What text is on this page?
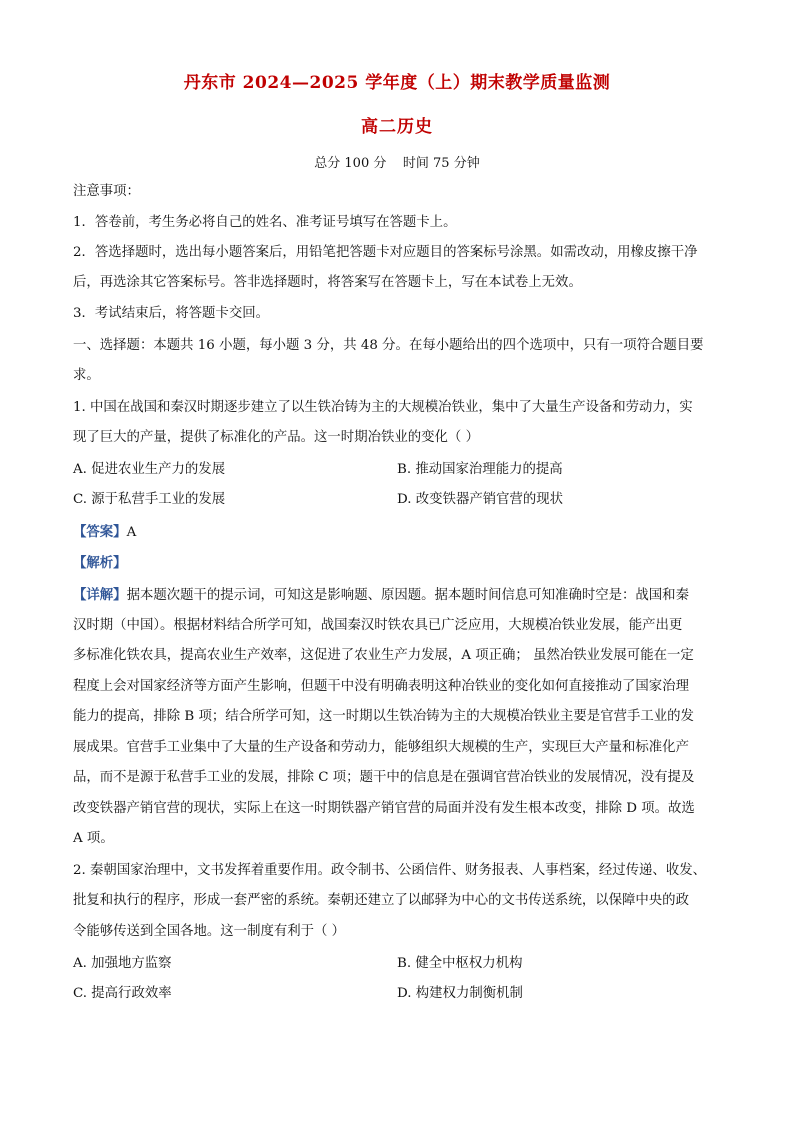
丹东市 2024—2025 学年度（上）期末教学质量监测
高二历史
总分 100 分    时间 75 分钟
注意事项：
1．答卷前，考生务必将自己的姓名、准考证号填写在答题卡上。
2．答选择题时，选出每小题答案后，用铅笔把答题卡对应题目的答案标号涂黑。如需改动，用橡皮擦干净
后，再选涂其它答案标号。答非选择题时，将答案写在答题卡上，写在本试卷上无效。
3．考试结束后，将答题卡交回。
一、选择题：本题共 16 小题，每小题 3 分，共 48 分。在每小题给出的四个选项中，只有一项符合题目要
求。
1. 中国在战国和秦汉时期逐步建立了以生铁冶铸为主的大规模冶铁业，集中了大量生产设备和劳动力，实
现了巨大的产量，提供了标准化的产品。这一时期冶铁业的变化（ ）
A. 促进农业生产力的发展	B. 推动国家治理能力的提高
C. 源于私营手工业的发展	D. 改变铁器产销官营的现状
【答案】A
【解析】
【详解】据本题次题干的提示词，可知这是影响题、原因题。据本题时间信息可知准确时空是：战国和秦
汉时期（中国）。根据材料结合所学可知，战国秦汉时铁农具已广泛应用，大规模冶铁业发展，能产出更
多标准化铁农具，提高农业生产效率，这促进了农业生产力发展，A 项正确； 虽然冶铁业发展可能在一定
程度上会对国家经济等方面产生影响，但题干中没有明确表明这种冶铁业的变化如何直接推动了国家治理
能力的提高，排除 B 项；结合所学可知，这一时期以生铁冶铸为主的大规模冶铁业主要是官营手工业的发
展成果。官营手工业集中了大量的生产设备和劳动力，能够组织大规模的生产，实现巨大产量和标准化产
品，而不是源于私营手工业的发展，排除 C 项；题干中的信息是在强调官营冶铁业的发展情况，没有提及
改变铁器产销官营的现状，实际上在这一时期铁器产销官营的局面并没有发生根本改变，排除 D 项。故选
A 项。
2. 秦朝国家治理中，文书发挥着重要作用。政令制书、公函信件、财务报表、人事档案，经过传递、收发、
批复和执行的程序，形成一套严密的系统。秦朝还建立了以邮驿为中心的文书传送系统，以保障中央的政
令能够传送到全国各地。这一制度有利于（ ）
A. 加强地方监察	B. 健全中枢权力机构
C. 提高行政效率	D. 构建权力制衡机制
